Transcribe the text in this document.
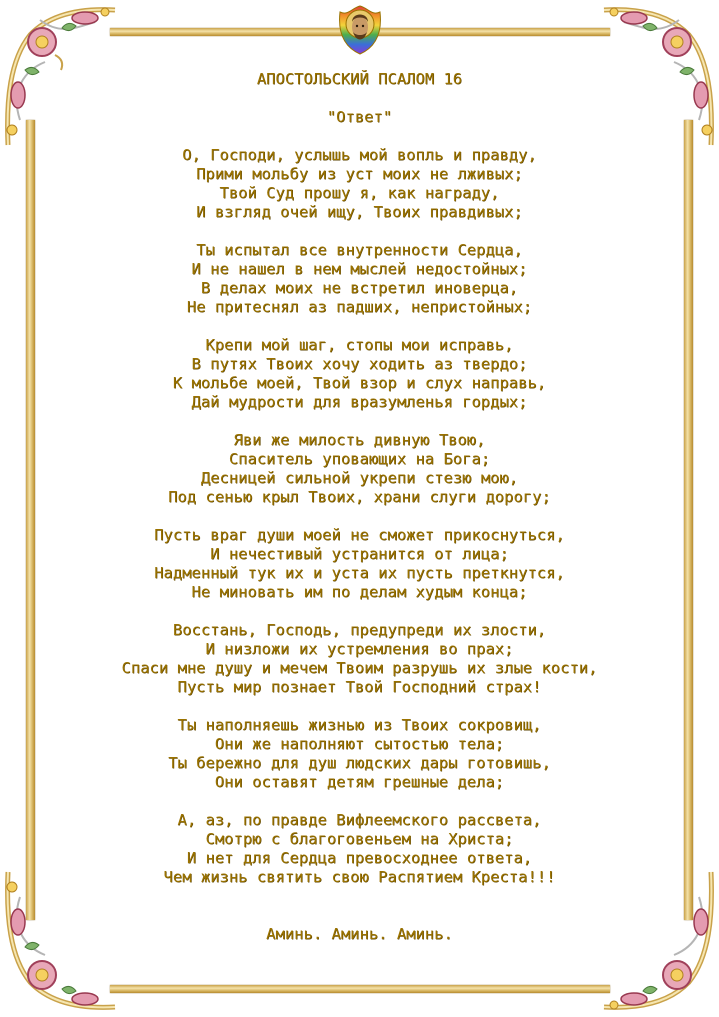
АПОСТОЛЬСКИЙ ПСАЛОМ 16
"Ответ"
О, Господи, услышь мой вопль и правду,
Прими мольбу из уст моих не лживых;
Твой Суд прошу я, как награду,
И взгляд очей ищу, Твоих правдивых;
Ты испытал все внутренности Сердца,
И не нашел в нем мыслей недостойных;
В делах моих не встретил иноверца,
Не притеснял аз падших, непристойных;
Крепи мой шаг, стопы мои исправь,
В путях Твоих хочу ходить аз твердо;
К мольбе моей, Твой взор и слух направь,
Дай мудрости для вразумленья гордых;
Яви же милость дивную Твою,
Спаситель уповающих на Бога;
Десницей сильной укрепи стезю мою,
Под сенью крыл Твоих, храни слуги дорогу;
Пусть враг души моей не сможет прикоснуться,
И нечестивый устранится от лица;
Надменный тук их и уста их пусть преткнутся,
Не миновать им по делам худым конца;
Восстань, Господь, предупреди их злости,
И низложи их устремления во прах;
Спаси мне душу и мечем Твоим разрушь их злые кости,
Пусть мир познает Твой Господний страх!
Ты наполняешь жизнью из Твоих сокровищ,
Они же наполняют сытостью тела;
Ты бережно для душ людских дары готовишь,
Они оставят детям грешные дела;
А, аз, по правде Вифлеемского рассвета,
Смотрю с благоговеньем на Христа;
И нет для Сердца превосходнее ответа,
Чем жизнь святить свою Распятием Креста!!!
Аминь. Аминь. Аминь.
